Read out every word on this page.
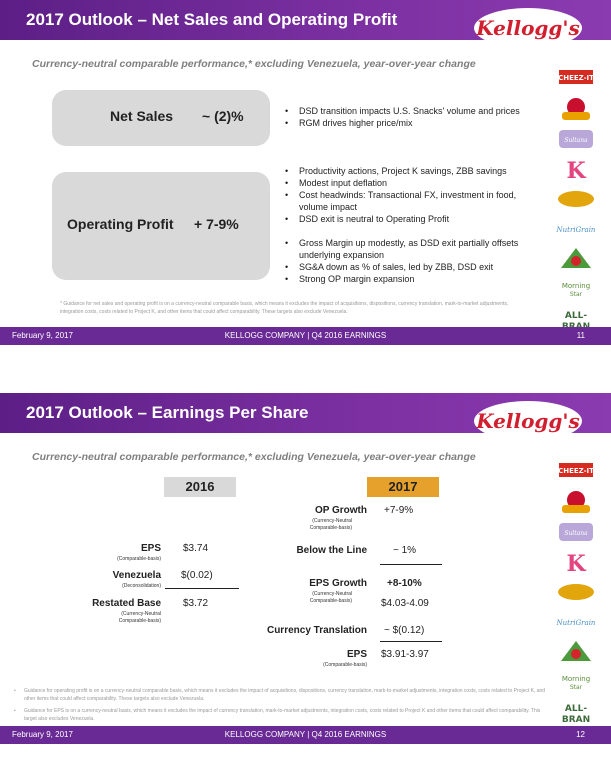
2017 Outlook – Net Sales and Operating Profit	Kellogg's
Currency-neutral comparable performance,* excluding Venezuela, year-over-year change
Net Sales ~ (2)%
•	DSD transition impacts U.S. Snacks' volume and prices
• RGM drives higher price/mix
Operating Profit + 7-9%
• Productivity actions, Project K savings, ZBB savings
• Modest input deflation
• Cost headwinds: Transactional FX, investment in food, volume impact
• DSD exit is neutral to Operating Profit
• Gross Margin up modestly, as DSD exit partially offsets underlying expansion
• SG&A down as % of sales, led by ZBB, DSD exit
• Strong OP margin expansion
* Guidance for net sales and operating profit is on a currency-neutral comparable basis, which means it excludes the impact of acquisitions, dispositions, currency translation, mark-to-market adjustments, integration costs, costs related to Project K, and other items that could affect comparability. These targets also exclude Venezuela.
CHEEZ-IT
Sultana
K
NutriGrain
Morning
Star
ALL-
February 9, 2017	KELLOGG COMPANY | Q4 2016 EARNINGS	11
2017 Outlook – Earnings Per Share	Kellogg's
Currency-neutral comparable performance,* excluding Venezuela, year-over-year change
2016	2017
EPS
(Comparable-basis)
$3.74
Venezuela
(Deconsolidation)
$(0.02)
Restated Base
(Currency-Neutral
Comparable-basis)
$3.72
OP Growth
(Currency-Neutral
Comparable-basis)
+7-9%
Below the Line	~ 1%
EPS Growth
(Currency-Neutral
Comparable-basis)
+8-10%
$4.03-4.09
Currency Translation ~ $(0.12)
EPS
(Comparable-basis)
$3.91-3.97
• Guidance for operating profit is on a currency-neutral comparable basis, which means it excludes the impact of acquisitions, dispositions, currency translation, mark-to-market adjustments, integration costs, costs related to Project K, and other items that could affect comparability. These targets also exclude Venezuela.
• Guidance for EPS is on a currency-neutral basis, which means it excludes the impact of currency translation, mark-to-market adjustments, integration costs, costs related to Project K and other items that could affect comparability. This target also excludes Venezuela.
CHEEZ-IT
Sultana
K
NutriGrain
Morning
Star
ALL-
BRAN
February 9, 2017	KELLOGG COMPANY | Q4 2016 EARNINGS	12
